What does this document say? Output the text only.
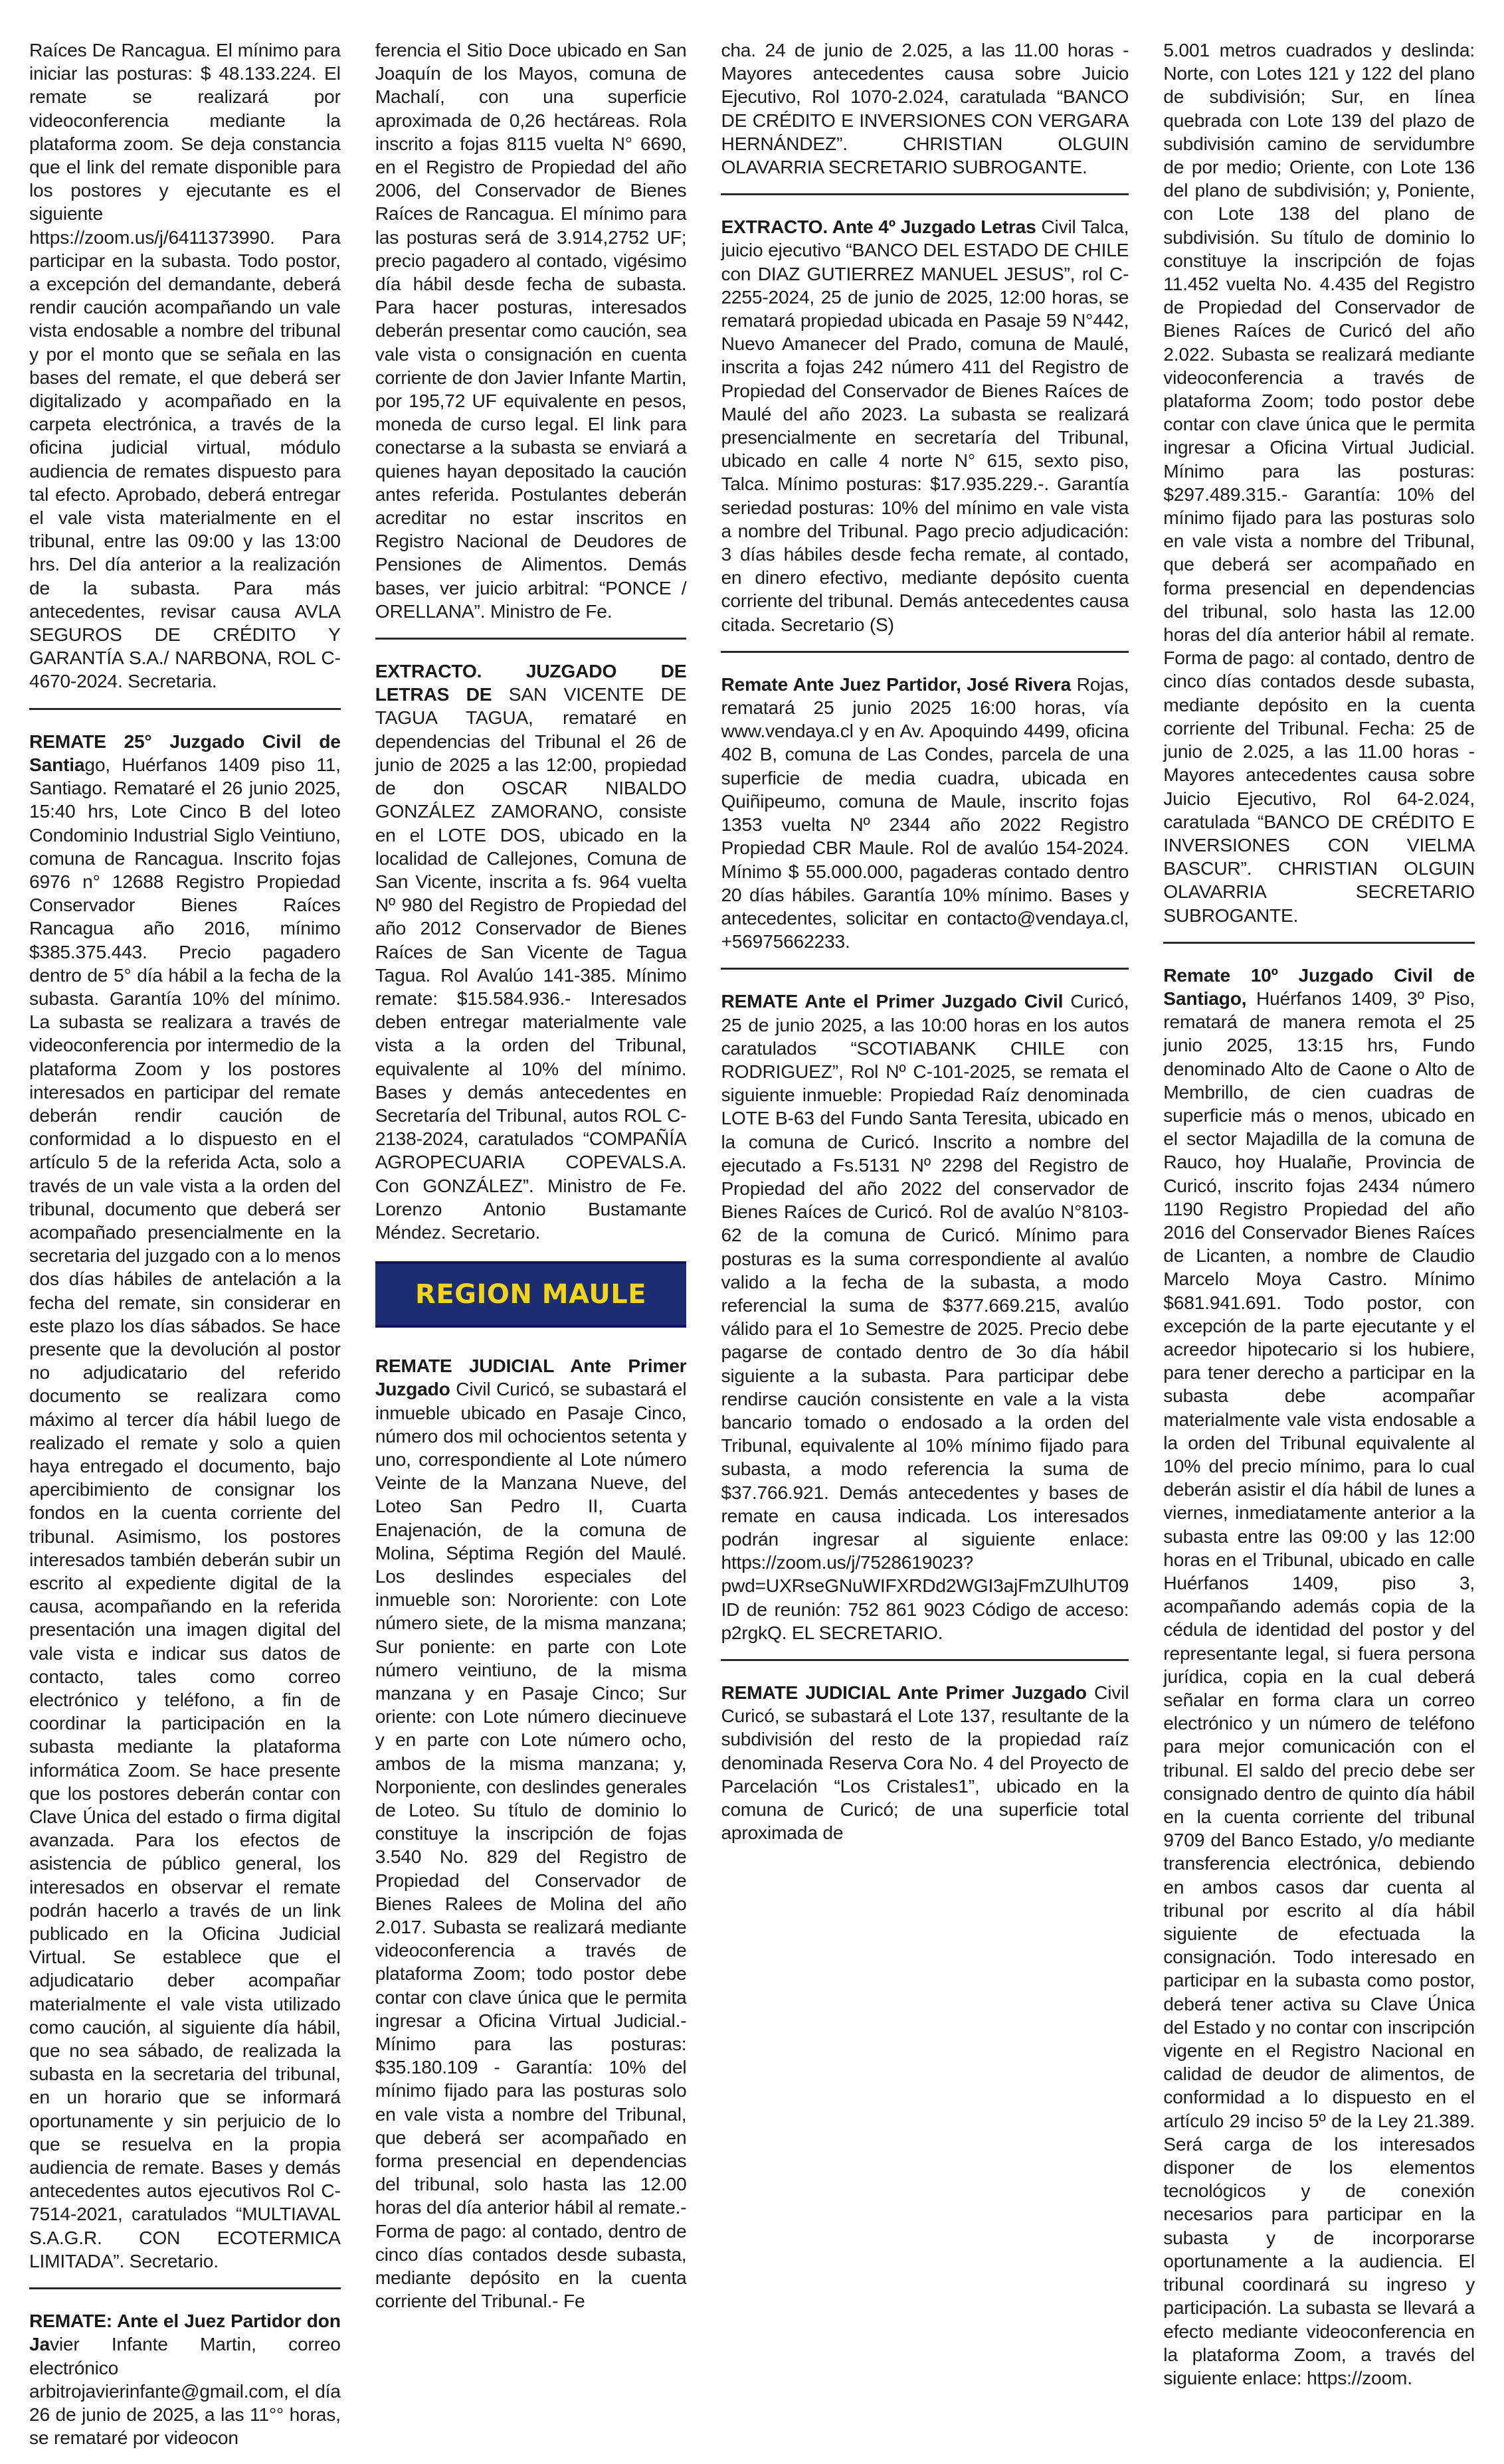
Raíces De Rancagua. El mínimo para iniciar las posturas: $ 48.133.224. El remate se realizará por videoconferencia mediante la plataforma zoom. Se deja constancia que el link del remate disponible para los postores y ejecutante es el siguiente https://zoom.us/j/6411373990. Para participar en la subasta. Todo postor, a excepción del demandante, deberá rendir caución acompañando un vale vista endosable a nombre del tribunal y por el monto que se señala en las bases del remate, el que deberá ser digitalizado y acompañado en la carpeta electrónica, a través de la oficina judicial virtual, módulo audiencia de remates dispuesto para tal efecto. Aprobado, deberá entregar el vale vista materialmente en el tribunal, entre las 09:00 y las 13:00 hrs. Del día anterior a la realización de la subasta. Para más antecedentes, revisar causa AVLA SEGUROS DE CRÉDITO Y GARANTÍA S.A./ NARBONA, ROL C-4670-2024. Secretaria.

REMATE 25° Juzgado Civil de Santiago, Huérfanos 1409 piso 11, Santiago. Remataré el 26 junio 2025, 15:40 hrs, Lote Cinco B del loteo Condominio Industrial Siglo Veintiuno, comuna de Rancagua. Inscrito fojas 6976 n° 12688 Registro Propiedad Conservador Bienes Raíces Rancagua año 2016, mínimo $385.375.443. Precio pagadero dentro de 5° día hábil a la fecha de la subasta. Garantía 10% del mínimo. La subasta se realizara a través de videoconferencia por intermedio de la plataforma Zoom y los postores interesados en participar del remate deberán rendir caución de conformidad a lo dispuesto en el artículo 5 de la referida Acta, solo a través de un vale vista a la orden del tribunal, documento que deberá ser acompañado presencialmente en la secretaria del juzgado con a lo menos dos días hábiles de antelación a la fecha del remate, sin considerar en este plazo los días sábados. Se hace presente que la devolución al postor no adjudicatario del referido documento se realizara como máximo al tercer día hábil luego de realizado el remate y solo a quien haya entregado el documento, bajo apercibimiento de consignar los fondos en la cuenta corriente del tribunal. Asimismo, los postores interesados también deberán subir un escrito al expediente digital de la causa, acompañando en la referida presentación una imagen digital del vale vista e indicar sus datos de contacto, tales como correo electrónico y teléfono, a fin de coordinar la participación en la subasta mediante la plataforma informática Zoom. Se hace presente que los postores deberán contar con Clave Única del estado o firma digital avanzada. Para los efectos de asistencia de público general, los interesados en observar el remate podrán hacerlo a través de un link publicado en la Oficina Judicial Virtual. Se establece que el adjudicatario deber acompañar materialmente el vale vista utilizado como caución, al siguiente día hábil, que no sea sábado, de realizada la subasta en la secretaria del tribunal, en un horario que se informará oportunamente y sin perjuicio de lo que se resuelva en la propia audiencia de remate. Bases y demás antecedentes autos ejecutivos Rol C-7514-2021, caratulados “MULTIAVAL S.A.G.R. CON ECOTERMICA LIMITADA”. Secretario.

REMATE: Ante el Juez Partidor don Javier Infante Martin, correo electrónico arbitrojavierinfante@gmail.com, el día 26 de junio de 2025, a las 11°° horas, se remataré por videocon

ferencia el Sitio Doce ubicado en San Joaquín de los Mayos, comuna de Machalí, con una superficie aproximada de 0,26 hectáreas. Rola inscrito a fojas 8115 vuelta N° 6690, en el Registro de Propiedad del año 2006, del Conservador de Bienes Raíces de Rancagua. El mínimo para las posturas será de 3.914,2752 UF; precio pagadero al contado, vigésimo día hábil desde fecha de subasta. Para hacer posturas, interesados deberán presentar como caución, sea vale vista o consignación en cuenta corriente de don Javier Infante Martin, por 195,72 UF equivalente en pesos, moneda de curso legal. El link para conectarse a la subasta se enviará a quienes hayan depositado la caución antes referida. Postulantes deberán acreditar no estar inscritos en Registro Nacional de Deudores de Pensiones de Alimentos. Demás bases, ver juicio arbitral: “PONCE / ORELLANA”. Ministro de Fe.

EXTRACTO. JUZGADO DE LETRAS DE SAN VICENTE DE TAGUA TAGUA, remataré en dependencias del Tribunal el 26 de junio de 2025 a las 12:00, propiedad de don OSCAR NIBALDO GONZÁLEZ ZAMORANO, consiste en el LOTE DOS, ubicado en la localidad de Callejones, Comuna de San Vicente, inscrita a fs. 964 vuelta Nº 980 del Registro de Propiedad del año 2012 Conservador de Bienes Raíces de San Vicente de Tagua Tagua. Rol Avalúo 141-385. Mínimo remate: $15.584.936.- Interesados deben entregar materialmente vale vista a la orden del Tribunal, equivalente al 10% del mínimo. Bases y demás antecedentes en Secretaría del Tribunal, autos ROL C-2138-2024, caratulados “COMPAÑÍA AGROPECUARIA COPEVALS.A. Con GONZÁLEZ”. Ministro de Fe. Lorenzo Antonio Bustamante Méndez. Secretario.

REGION MAULE

REMATE JUDICIAL Ante Primer Juzgado Civil Curicó, se subastará el inmueble ubicado en Pasaje Cinco, número dos mil ochocientos setenta y uno, correspondiente al Lote número Veinte de la Manzana Nueve, del Loteo San Pedro II, Cuarta Enajenación, de la comuna de Molina, Séptima Región del Maulé. Los deslindes especiales del inmueble son: Nororiente: con Lote número siete, de la misma manzana; Sur poniente: en parte con Lote número veintiuno, de la misma manzana y en Pasaje Cinco; Sur oriente: con Lote número diecinueve y en parte con Lote número ocho, ambos de la misma manzana; y, Norponiente, con deslindes generales de Loteo. Su título de dominio lo constituye la inscripción de fojas 3.540 No. 829 del Registro de Propiedad del Conservador de Bienes Ralees de Molina del año 2.017. Subasta se realizará mediante videoconferencia a través de plataforma Zoom; todo postor debe contar con clave única que le permita ingresar a Oficina Virtual Judicial.- Mínimo para las posturas: $35.180.109 - Garantía: 10% del mínimo fijado para las posturas solo en vale vista a nombre del Tribunal, que deberá ser acompañado en forma presencial en dependencias del tribunal, solo hasta las 12.00 horas del día anterior hábil al remate.- Forma de pago: al contado, dentro de cinco días contados desde subasta, mediante depósito en la cuenta corriente del Tribunal.- Fe

cha. 24 de junio de 2.025, a las 11.00 horas - Mayores antecedentes causa sobre Juicio Ejecutivo, Rol 1070-2.024, caratulada “BANCO DE CRÉDITO E INVERSIONES CON VERGARA HERNÁNDEZ”. CHRISTIAN OLGUIN OLAVARRIA SECRETARIO SUBROGANTE.

EXTRACTO. Ante 4º Juzgado Letras Civil Talca, juicio ejecutivo “BANCO DEL ESTADO DE CHILE con DIAZ GUTIERREZ MANUEL JESUS”, rol C-2255-2024, 25 de junio de 2025, 12:00 horas, se rematará propiedad ubicada en Pasaje 59 N°442, Nuevo Amanecer del Prado, comuna de Maulé, inscrita a fojas 242 número 411 del Registro de Propiedad del Conservador de Bienes Raíces de Maulé del año 2023. La subasta se realizará presencialmente en secretaría del Tribunal, ubicado en calle 4 norte N° 615, sexto piso, Talca. Mínimo posturas: $17.935.229.-. Garantía seriedad posturas: 10% del mínimo en vale vista a nombre del Tribunal. Pago precio adjudicación: 3 días hábiles desde fecha remate, al contado, en dinero efectivo, mediante depósito cuenta corriente del tribunal. Demás antecedentes causa citada. Secretario (S)

Remate Ante Juez Partidor, José Rivera Rojas, rematará 25 junio 2025 16:00 horas, vía www.vendaya.cl y en Av. Apoquindo 4499, oficina 402 B, comuna de Las Condes, parcela de una superficie de media cuadra, ubicada en Quiñipeumo, comuna de Maule, inscrito fojas 1353 vuelta Nº 2344 año 2022 Registro Propiedad CBR Maule. Rol de avalúo 154-2024. Mínimo $ 55.000.000, pagaderas contado dentro 20 días hábiles. Garantía 10% mínimo. Bases y antecedentes, solicitar en contacto@vendaya.cl, +56975662233.

REMATE Ante el Primer Juzgado Civil Curicó, 25 de junio 2025, a las 10:00 horas en los autos caratulados “SCOTIABANK CHILE con RODRIGUEZ”, Rol Nº C-101-2025, se remata el siguiente inmueble: Propiedad Raíz denominada LOTE B-63 del Fundo Santa Teresita, ubicado en la comuna de Curicó. Inscrito a nombre del ejecutado a Fs.5131 Nº 2298 del Registro de Propiedad del año 2022 del conservador de Bienes Raíces de Curicó. Rol de avalúo N°8103-62 de la comuna de Curicó. Mínimo para posturas es la suma correspondiente al avalúo valido a la fecha de la subasta, a modo referencial la suma de $377.669.215, avalúo válido para el 1o Semestre de 2025. Precio debe pagarse de contado dentro de 3o día hábil siguiente a la subasta. Para participar debe rendirse caución consistente en vale a la vista bancario tomado o endosado a la orden del Tribunal, equivalente al 10% mínimo fijado para subasta, a modo referencia la suma de $37.766.921. Demás antecedentes y bases de remate en causa indicada. Los interesados podrán ingresar al siguiente enlace: https://zoom.us/j/7528619023?pwd=UXRseGNuWIFXRDd2WGI3ajFmZUlhUT09 ID de reunión: 752 861 9023 Código de acceso: p2rgkQ. EL SECRETARIO.

REMATE JUDICIAL Ante Primer Juzgado Civil Curicó, se subastará el Lote 137, resultante de la subdivisión del resto de la propiedad raíz denominada Reserva Cora No. 4 del Proyecto de Parcelación “Los Cristales1”, ubicado en la comuna de Curicó; de una superficie total aproximada de

5.001 metros cuadrados y deslinda: Norte, con Lotes 121 y 122 del plano de subdivisión; Sur, en línea quebrada con Lote 139 del plazo de subdivisión camino de servidumbre de por medio; Oriente, con Lote 136 del plano de subdivisión; y, Poniente, con Lote 138 del plano de subdivisión. Su título de dominio lo constituye la inscripción de fojas 11.452 vuelta No. 4.435 del Registro de Propiedad del Conservador de Bienes Raíces de Curicó del año 2.022. Subasta se realizará mediante videoconferencia a través de plataforma Zoom; todo postor debe contar con clave única que le permita ingresar a Oficina Virtual Judicial. Mínimo para las posturas: $297.489.315.- Garantía: 10% del mínimo fijado para las posturas solo en vale vista a nombre del Tribunal, que deberá ser acompañado en forma presencial en dependencias del tribunal, solo hasta las 12.00 horas del día anterior hábil al remate. Forma de pago: al contado, dentro de cinco días contados desde subasta, mediante depósito en la cuenta corriente del Tribunal. Fecha: 25 de junio de 2.025, a las 11.00 horas - Mayores antecedentes causa sobre Juicio Ejecutivo, Rol 64-2.024, caratulada “BANCO DE CRÉDITO E INVERSIONES CON VIELMA BASCUR”. CHRISTIAN OLGUIN OLAVARRIA SECRETARIO SUBROGANTE.

Remate 10º Juzgado Civil de Santiago, Huérfanos 1409, 3º Piso, rematará de manera remota el 25 junio 2025, 13:15 hrs, Fundo denominado Alto de Caone o Alto de Membrillo, de cien cuadras de superficie más o menos, ubicado en el sector Majadilla de la comuna de Rauco, hoy Hualañe, Provincia de Curicó, inscrito fojas 2434 número 1190 Registro Propiedad del año 2016 del Conservador Bienes Raíces de Licanten, a nombre de Claudio Marcelo Moya Castro. Mínimo $681.941.691. Todo postor, con excepción de la parte ejecutante y el acreedor hipotecario si los hubiere, para tener derecho a participar en la subasta debe acompañar materialmente vale vista endosable a la orden del Tribunal equivalente al 10% del precio mínimo, para lo cual deberán asistir el día hábil de lunes a viernes, inmediatamente anterior a la subasta entre las 09:00 y las 12:00 horas en el Tribunal, ubicado en calle Huérfanos 1409, piso 3, acompañando además copia de la cédula de identidad del postor y del representante legal, si fuera persona jurídica, copia en la cual deberá señalar en forma clara un correo electrónico y un número de teléfono para mejor comunicación con el tribunal. El saldo del precio debe ser consignado dentro de quinto día hábil en la cuenta corriente del tribunal 9709 del Banco Estado, y/o mediante transferencia electrónica, debiendo en ambos casos dar cuenta al tribunal por escrito al día hábil siguiente de efectuada la consignación. Todo interesado en participar en la subasta como postor, deberá tener activa su Clave Única del Estado y no contar con inscripción vigente en el Registro Nacional en calidad de deudor de alimentos, de conformidad a lo dispuesto en el artículo 29 inciso 5º de la Ley 21.389. Será carga de los interesados disponer de los elementos tecnológicos y de conexión necesarios para participar en la subasta y de incorporarse oportunamente a la audiencia. El tribunal coordinará su ingreso y participación. La subasta se llevará a efecto mediante videoconferencia en la plataforma Zoom, a través del siguiente enlace: https://zoom.
